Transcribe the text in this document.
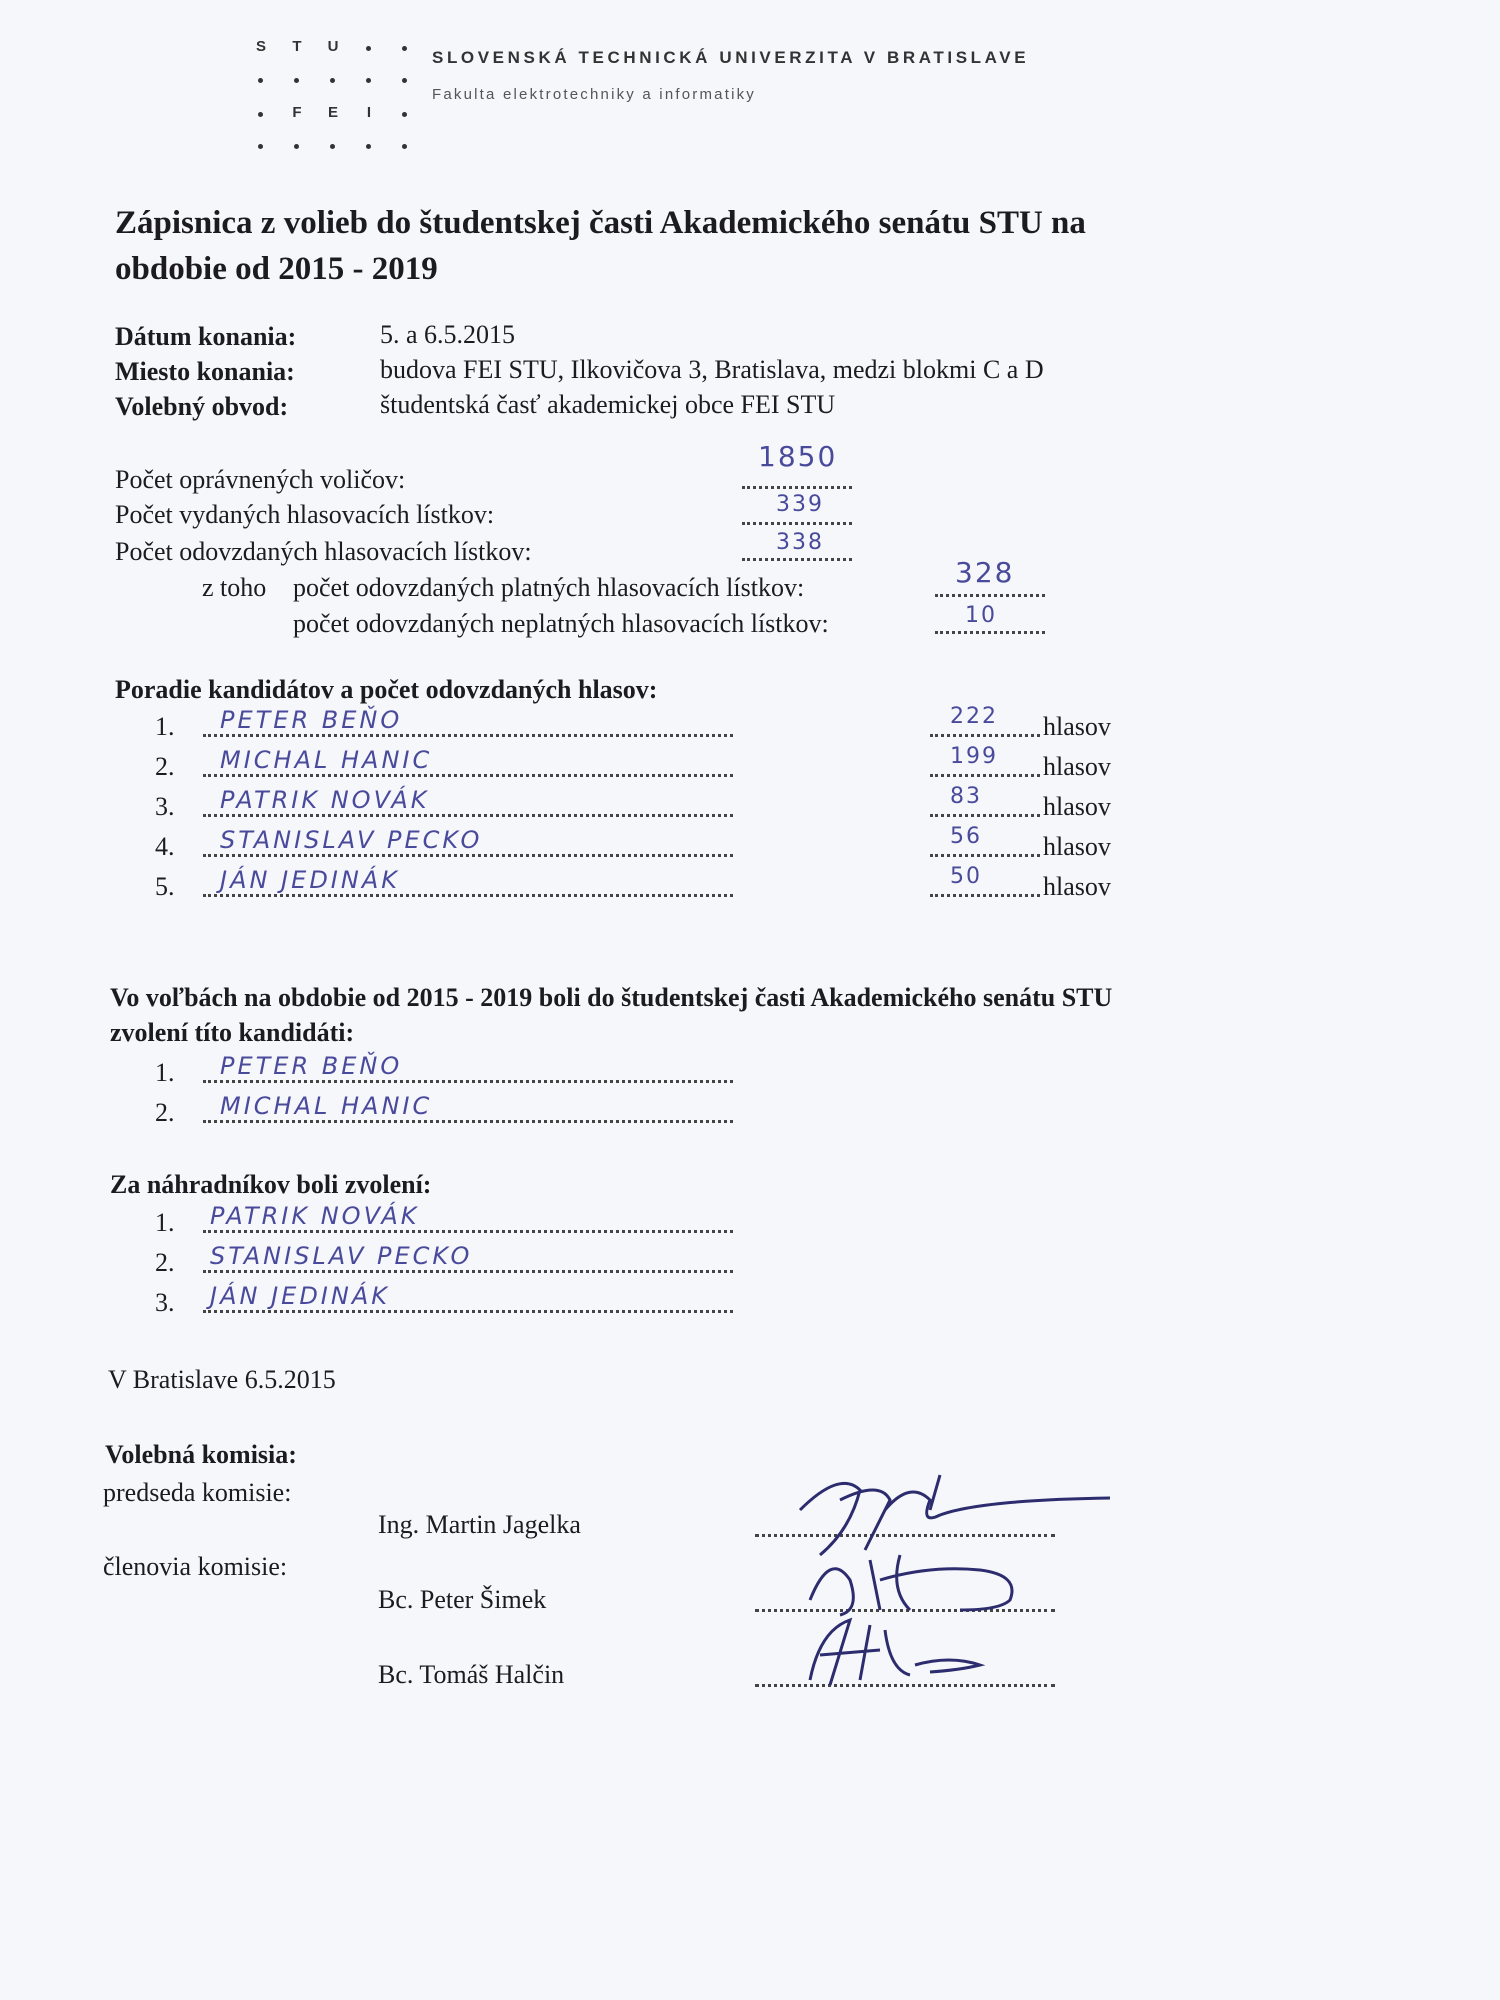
S	T	U
F	E	I
SLOVENSKÁ TECHNICKÁ UNIVERZITA V BRATISLAVE
Fakulta elektrotechniky a informatiky
Zápisnica z volieb do študentskej časti Akademického senátu STU na
obdobie od 2015 - 2019
Dátum konania:	5. a 6.5.2015
Miesto konania:	budova FEI STU, Ilkovičova 3, Bratislava, medzi blokmi C a D
Volebný obvod:	študentská časť akademickej obce FEI STU
Počet oprávnených voličov:
1850
Počet vydaných hlasovacích lístkov:	339
Počet odovzdaných hlasovacích lístkov:	338
z toho počet odovzdaných platných hlasovacích lístkov:	328
počet odovzdaných neplatných hlasovacích lístkov:	10
Poradie kandidátov a počet odovzdaných hlasov:
1. PETER BEŇO	222 hlasov
2. MICHAL HANIC	199 hlasov
3. PATRIK NOVÁK	83 hlasov
4. STANISLAV PECKO	56 hlasov
5. JÁN JEDINÁK	50 hlasov
Vo voľbách na obdobie od 2015 - 2019 boli do študentskej časti Akademického senátu STU
zvolení títo kandidáti:
1. PETER BEŇO
2. MICHAL HANIC
Za náhradníkov boli zvolení:
1. PATRIK NOVÁK
2. STANISLAV PECKO
3. JÁN JEDINÁK
V Bratislave 6.5.2015
Volebná komisia:
predseda komisie:
členovia komisie:
Ing. Martin Jagelka
Bc. Peter Šimek
Bc. Tomáš Halčin
